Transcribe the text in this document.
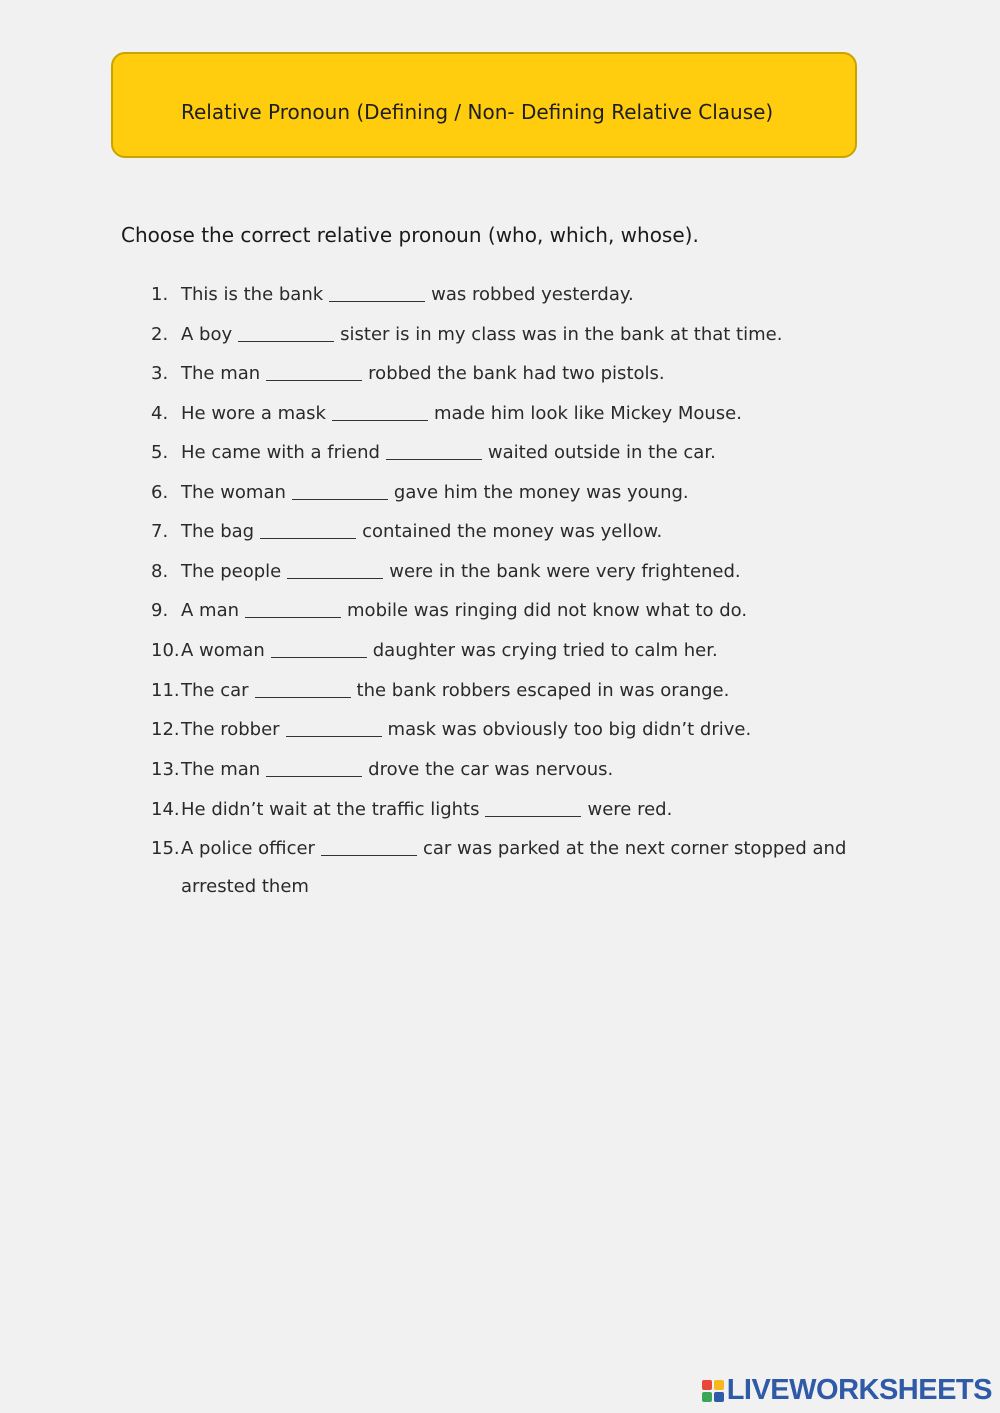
Relative Pronoun (Defining / Non- Defining Relative Clause)
Choose the correct relative pronoun (who, which, whose).
1. This is the bank	was robbed yesterday.
2. A boy	sister is in my class was in the bank at that time.
3. The man	robbed the bank had two pistols.
4. He wore a mask	made him look like Mickey Mouse.
5. He came with a friend	waited outside in the car.
6. The woman	gave him the money was young.
7. The bag	contained the money was yellow.
8. The people	were in the bank were very frightened.
9. A man	mobile was ringing did not know what to do.
10. A woman	daughter was crying tried to calm her.
11. The car	the bank robbers escaped in was orange.
12. The robber	mask was obviously too big didn’t drive.
13. The man	drove the car was nervous.
14. He didn’t wait at the traffic lights	were red.
15. A police officer	car was parked at the next corner stopped and
arrested them
LIVEWORKSHEETS
